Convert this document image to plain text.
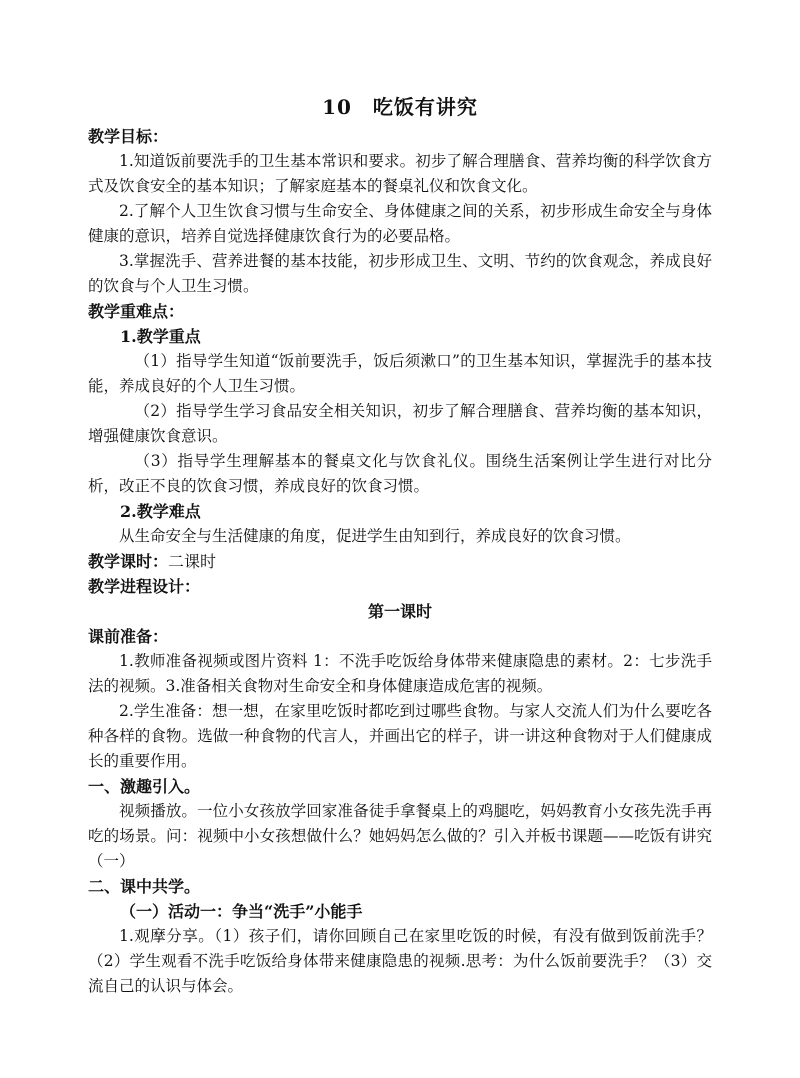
10　吃饭有讲究
教学目标：

1.知道饭前要洗手的卫生基本常识和要求。初步了解合理膳食、营养均衡的科学饮食方式及饮食安全的基本知识；了解家庭基本的餐桌礼仪和饮食文化。

2.了解个人卫生饮食习惯与生命安全、身体健康之间的关系，初步形成生命安全与身体健康的意识，培养自觉选择健康饮食行为的必要品格。

3.掌握洗手、营养进餐的基本技能，初步形成卫生、文明、节约的饮食观念，养成良好的饮食与个人卫生习惯。

教学重难点：
1.教学重点

（1）指导学生知道“饭前要洗手，饭后须漱口”的卫生基本知识，掌握洗手的基本技能，养成良好的个人卫生习惯。

（2）指导学生学习食品安全相关知识，初步了解合理膳食、营养均衡的基本知识，增强健康饮食意识。

（3）指导学生理解基本的餐桌文化与饮食礼仪。围绕生活案例让学生进行对比分析，改正不良的饮食习惯，养成良好的饮食习惯。

2.教学难点

从生命安全与生活健康的角度，促进学生由知到行，养成良好的饮食习惯。

教学课时：二课时
教学进程设计：
第一课时
课前准备：

1.教师准备视频或图片资料 1：不洗手吃饭给身体带来健康隐患的素材。2：七步洗手法的视频。3.准备相关食物对生命安全和身体健康造成危害的视频。

2.学生准备：想一想，在家里吃饭时都吃到过哪些食物。与家人交流人们为什么要吃各种各样的食物。选做一种食物的代言人，并画出它的样子，讲一讲这种食物对于人们健康成长的重要作用。

一、激趣引入。

视频播放。一位小女孩放学回家准备徒手拿餐桌上的鸡腿吃，妈妈教育小女孩先洗手再吃的场景。问：视频中小女孩想做什么？她妈妈怎么做的？引入并板书课题——吃饭有讲究（一）

二、课中共学。
（一）活动一：争当“洗手”小能手

1.观摩分享。（1）孩子们，请你回顾自己在家里吃饭的时候，有没有做到饭前洗手？（2）学生观看不洗手吃饭给身体带来健康隐患的视频.思考：为什么饭前要洗手？（3）交流自己的认识与体会。
